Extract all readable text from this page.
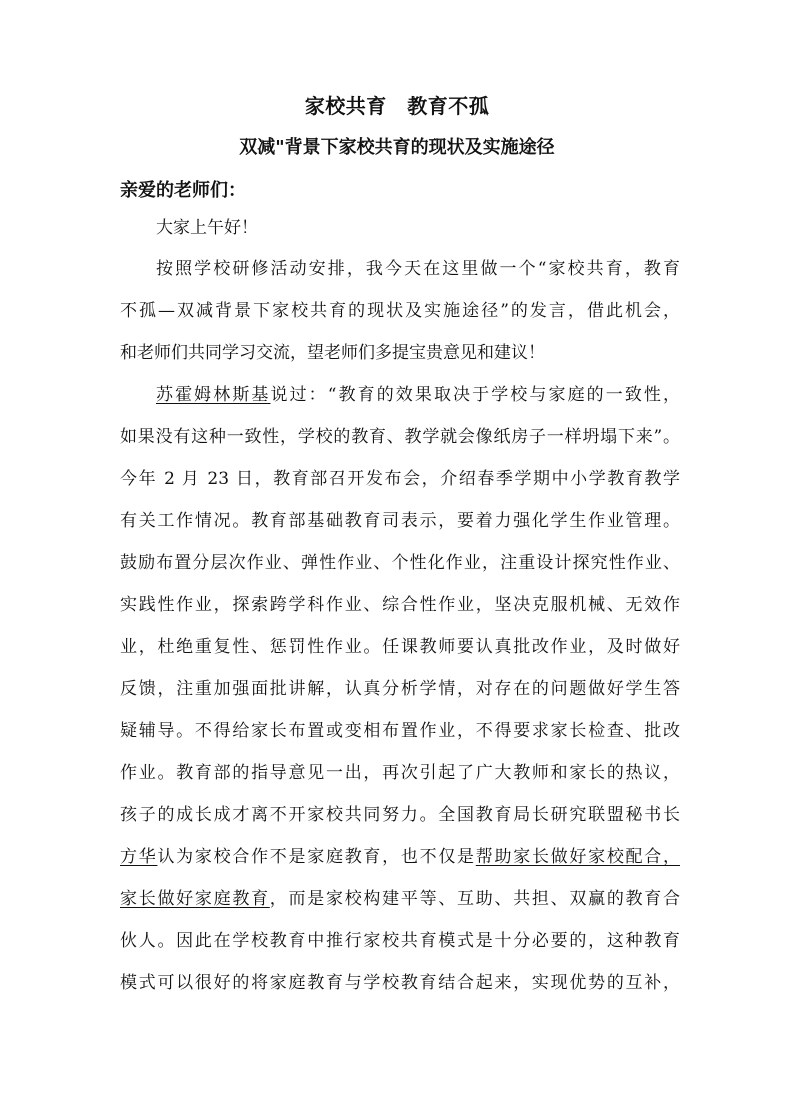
家校共育　教育不孤
双减"背景下家校共育的现状及实施途径
亲爱的老师们：
大家上午好！
按照学校研修活动安排，我今天在这里做一个“家校共育，教育
不孤—双减背景下家校共育的现状及实施途径”的发言，借此机会，
和老师们共同学习交流，望老师们多提宝贵意见和建议！
苏霍姆林斯基说过：“教育的效果取决于学校与家庭的一致性，
如果没有这种一致性，学校的教育、教学就会像纸房子一样坍塌下来”。
今年 2 月 23 日，教育部召开发布会，介绍春季学期中小学教育教学
有关工作情况。教育部基础教育司表示，要着力强化学生作业管理。
鼓励布置分层次作业、弹性作业、个性化作业，注重设计探究性作业、
实践性作业，探索跨学科作业、综合性作业，坚决克服机械、无效作
业，杜绝重复性、惩罚性作业。任课教师要认真批改作业，及时做好
反馈，注重加强面批讲解，认真分析学情，对存在的问题做好学生答
疑辅导。不得给家长布置或变相布置作业，不得要求家长检查、批改
作业。教育部的指导意见一出，再次引起了广大教师和家长的热议，
孩子的成长成才离不开家校共同努力。全国教育局长研究联盟秘书长
方华认为家校合作不是家庭教育，也不仅是帮助家长做好家校配合，
家长做好家庭教育，而是家校构建平等、互助、共担、双赢的教育合
伙人。因此在学校教育中推行家校共育模式是十分必要的，这种教育
模式可以很好的将家庭教育与学校教育结合起来，实现优势的互补，
